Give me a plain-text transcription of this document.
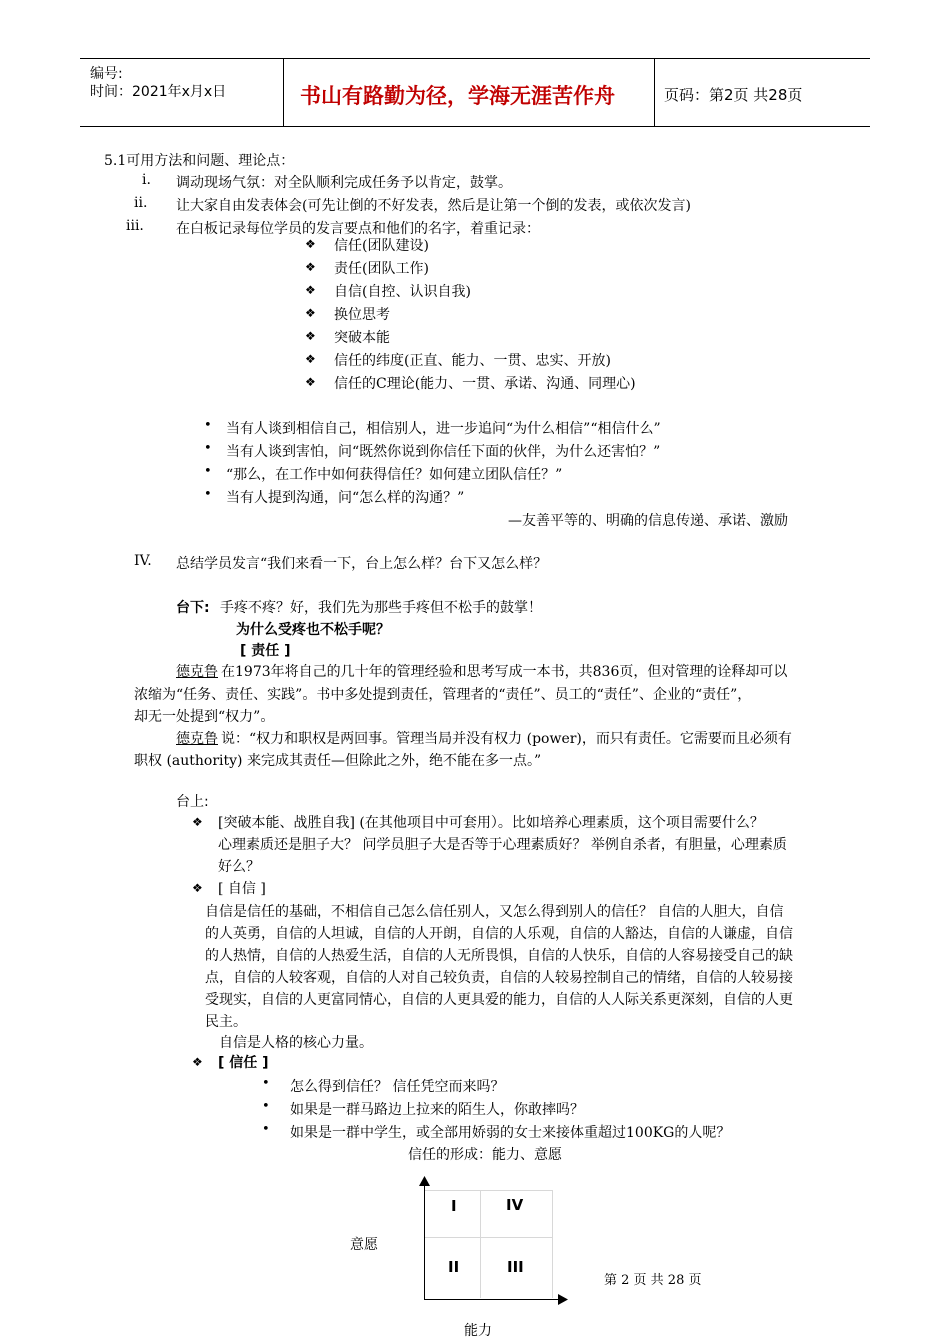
编号:
时间：2021年x月x日	书山有路勤为径，学海无涯苦作舟	页码：第2页 共28页
5.1可用方法和问题、理论点：
i. 调动现场气氛：对全队顺利完成任务予以肯定，鼓掌。
ii. 让大家自由发表体会(可先让倒的不好发表，然后是让第一个倒的发表，或依次发言)
iii. 在白板记录每位学员的发言要点和他们的名字，着重记录：
❖ 信任(团队建设)
❖ 责任(团队工作)
❖ 自信(自控、认识自我)
❖ 换位思考
❖ 突破本能
❖ 信任的纬度(正直、能力、一贯、忠实、开放)
❖ 信任的C理论(能力、一贯、承诺、沟通、同理心)
• 当有人谈到相信自己，相信别人，进一步追问“为什么相信”“相信什么”
• 当有人谈到害怕，问“既然你说到你信任下面的伙伴，为什么还害怕？”
• “那么，在工作中如何获得信任？如何建立团队信任？”
• 当有人提到沟通，问“怎么样的沟通？”
—友善平等的、明确的信息传递、承诺、激励
IV. 总结学员发言“我们来看一下，台上怎么样？台下又怎么样？
台下: 手疼不疼？好，我们先为那些手疼但不松手的鼓掌！
为什么受疼也不松手呢？
[ 责任 ]
德克鲁 在1973年将自己的几十年的管理经验和思考写成一本书，共836页，但对管理的诠释却可以
浓缩为“任务、责任、实践”。书中多处提到责任，管理者的“责任”、员工的“责任”、企业的“责任”，
却无一处提到“权力”。
德克鲁 说：“权力和职权是两回事。管理当局并没有权力 (power)，而只有责任。它需要而且必须有
职权 (authority) 来完成其责任—但除此之外，绝不能在多一点。”
台上:
❖ [突破本能、战胜自我] (在其他项目中可套用）。比如培养心理素质，这个项目需要什么？
心理素质还是胆子大？ 问学员胆子大是否等于心理素质好？ 举例自杀者，有胆量，心理素质
好么？
❖ [ 自信 ]
自信是信任的基础，不相信自己怎么信任别人，又怎么得到别人的信任？ 自信的人胆大，自信
的人英勇，自信的人坦诚，自信的人开朗，自信的人乐观，自信的人豁达，自信的人谦虚，自信
的人热情，自信的人热爱生活，自信的人无所畏惧，自信的人快乐，自信的人容易接受自己的缺
点，自信的人较客观，自信的人对自己较负责，自信的人较易控制自己的情绪，自信的人较易接
受现实，自信的人更富同情心，自信的人更具爱的能力，自信的人人际关系更深刻，自信的人更
民主。
自信是人格的核心力量。
❖ [ 信任 ]
• 怎么得到信任？ 信任凭空而来吗？
• 如果是一群马路边上拉来的陌生人，你敢摔吗？
• 如果是一群中学生，或全部用娇弱的女士来接体重超过100KG的人呢？
信任的形成：能力、意愿
I	IV
II	III
意愿
能力
第 2 页 共 28 页
